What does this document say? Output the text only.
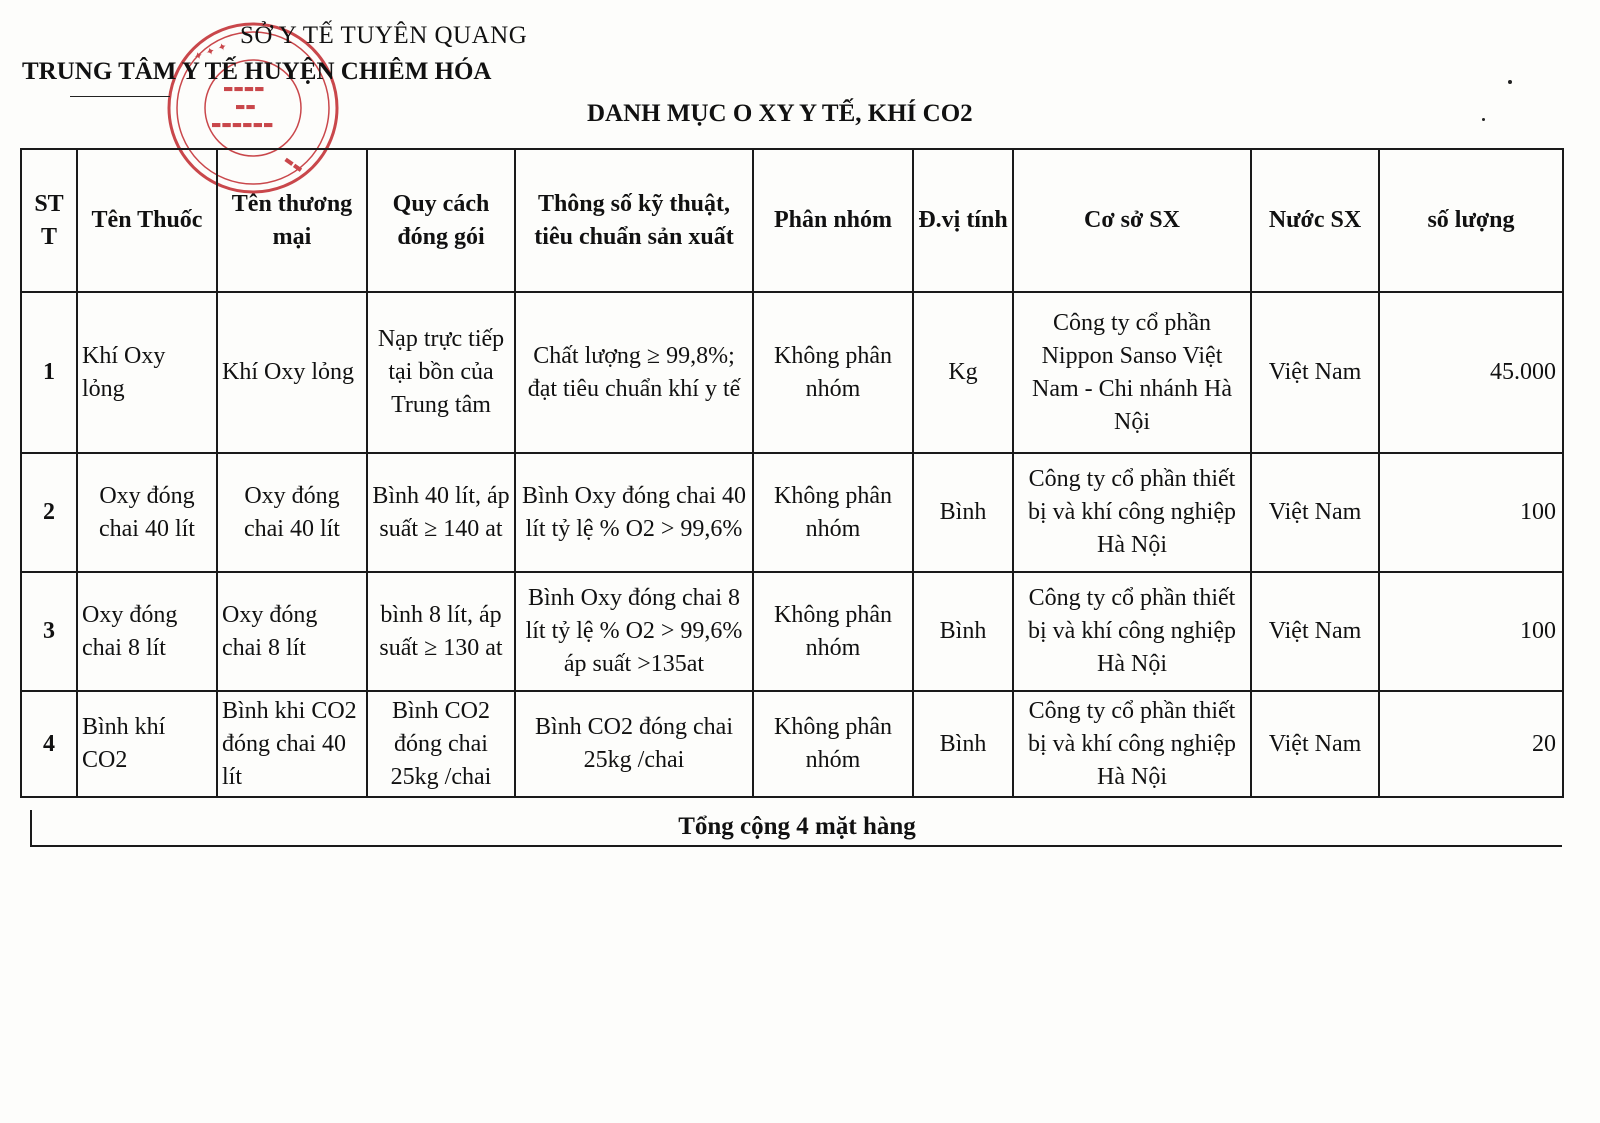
✦ ✦ ✦
▬▬▬▬
▬▬
▬▬▬▬▬▬
▬▬
SỞ Y TẾ TUYÊN QUANG
TRUNG TÂM Y TẾ HUYỆN CHIÊM HÓA
DANH MỤC O XY Y TẾ, KHÍ CO2
ST T	Tên Thuốc	Tên thương mại	Quy cách đóng gói	Thông số kỹ thuật, tiêu chuẩn sản xuất	Phân nhóm	Đ.vị tính	Cơ sở SX	Nước SX	số lượng
1	Khí Oxy lỏng	Khí Oxy lỏng	Nạp trực tiếp tại bồn của Trung tâm	Chất lượng ≥ 99,8%; đạt tiêu chuẩn khí y tế	Không phân nhóm	Kg	Công ty cổ phần Nippon Sanso Việt Nam - Chi nhánh Hà Nội	Việt Nam	45.000
2	Oxy đóng chai 40 lít	Oxy đóng chai 40 lít	Bình 40 lít, áp suất ≥ 140 at	Bình Oxy đóng chai 40 lít tỷ lệ % O2 > 99,6%	Không phân nhóm	Bình	Công ty cổ phần thiết bị và khí công nghiệp Hà Nội	Việt Nam	100
3	Oxy đóng chai 8 lít	Oxy đóng chai 8 lít	bình 8 lít, áp suất ≥ 130 at	Bình Oxy đóng chai 8 lít tỷ lệ % O2 > 99,6% áp suất >135at	Không phân nhóm	Bình	Công ty cổ phần thiết bị và khí công nghiệp Hà Nội	Việt Nam	100
4	Bình khí CO2	Bình khi CO2 đóng chai 40 lít	Bình CO2 đóng chai 25kg /chai	Bình CO2 đóng chai 25kg /chai	Không phân nhóm	Bình	Công ty cổ phần thiết bị và khí công nghiệp Hà Nội	Việt Nam	20
Tổng cộng 4 mặt hàng
